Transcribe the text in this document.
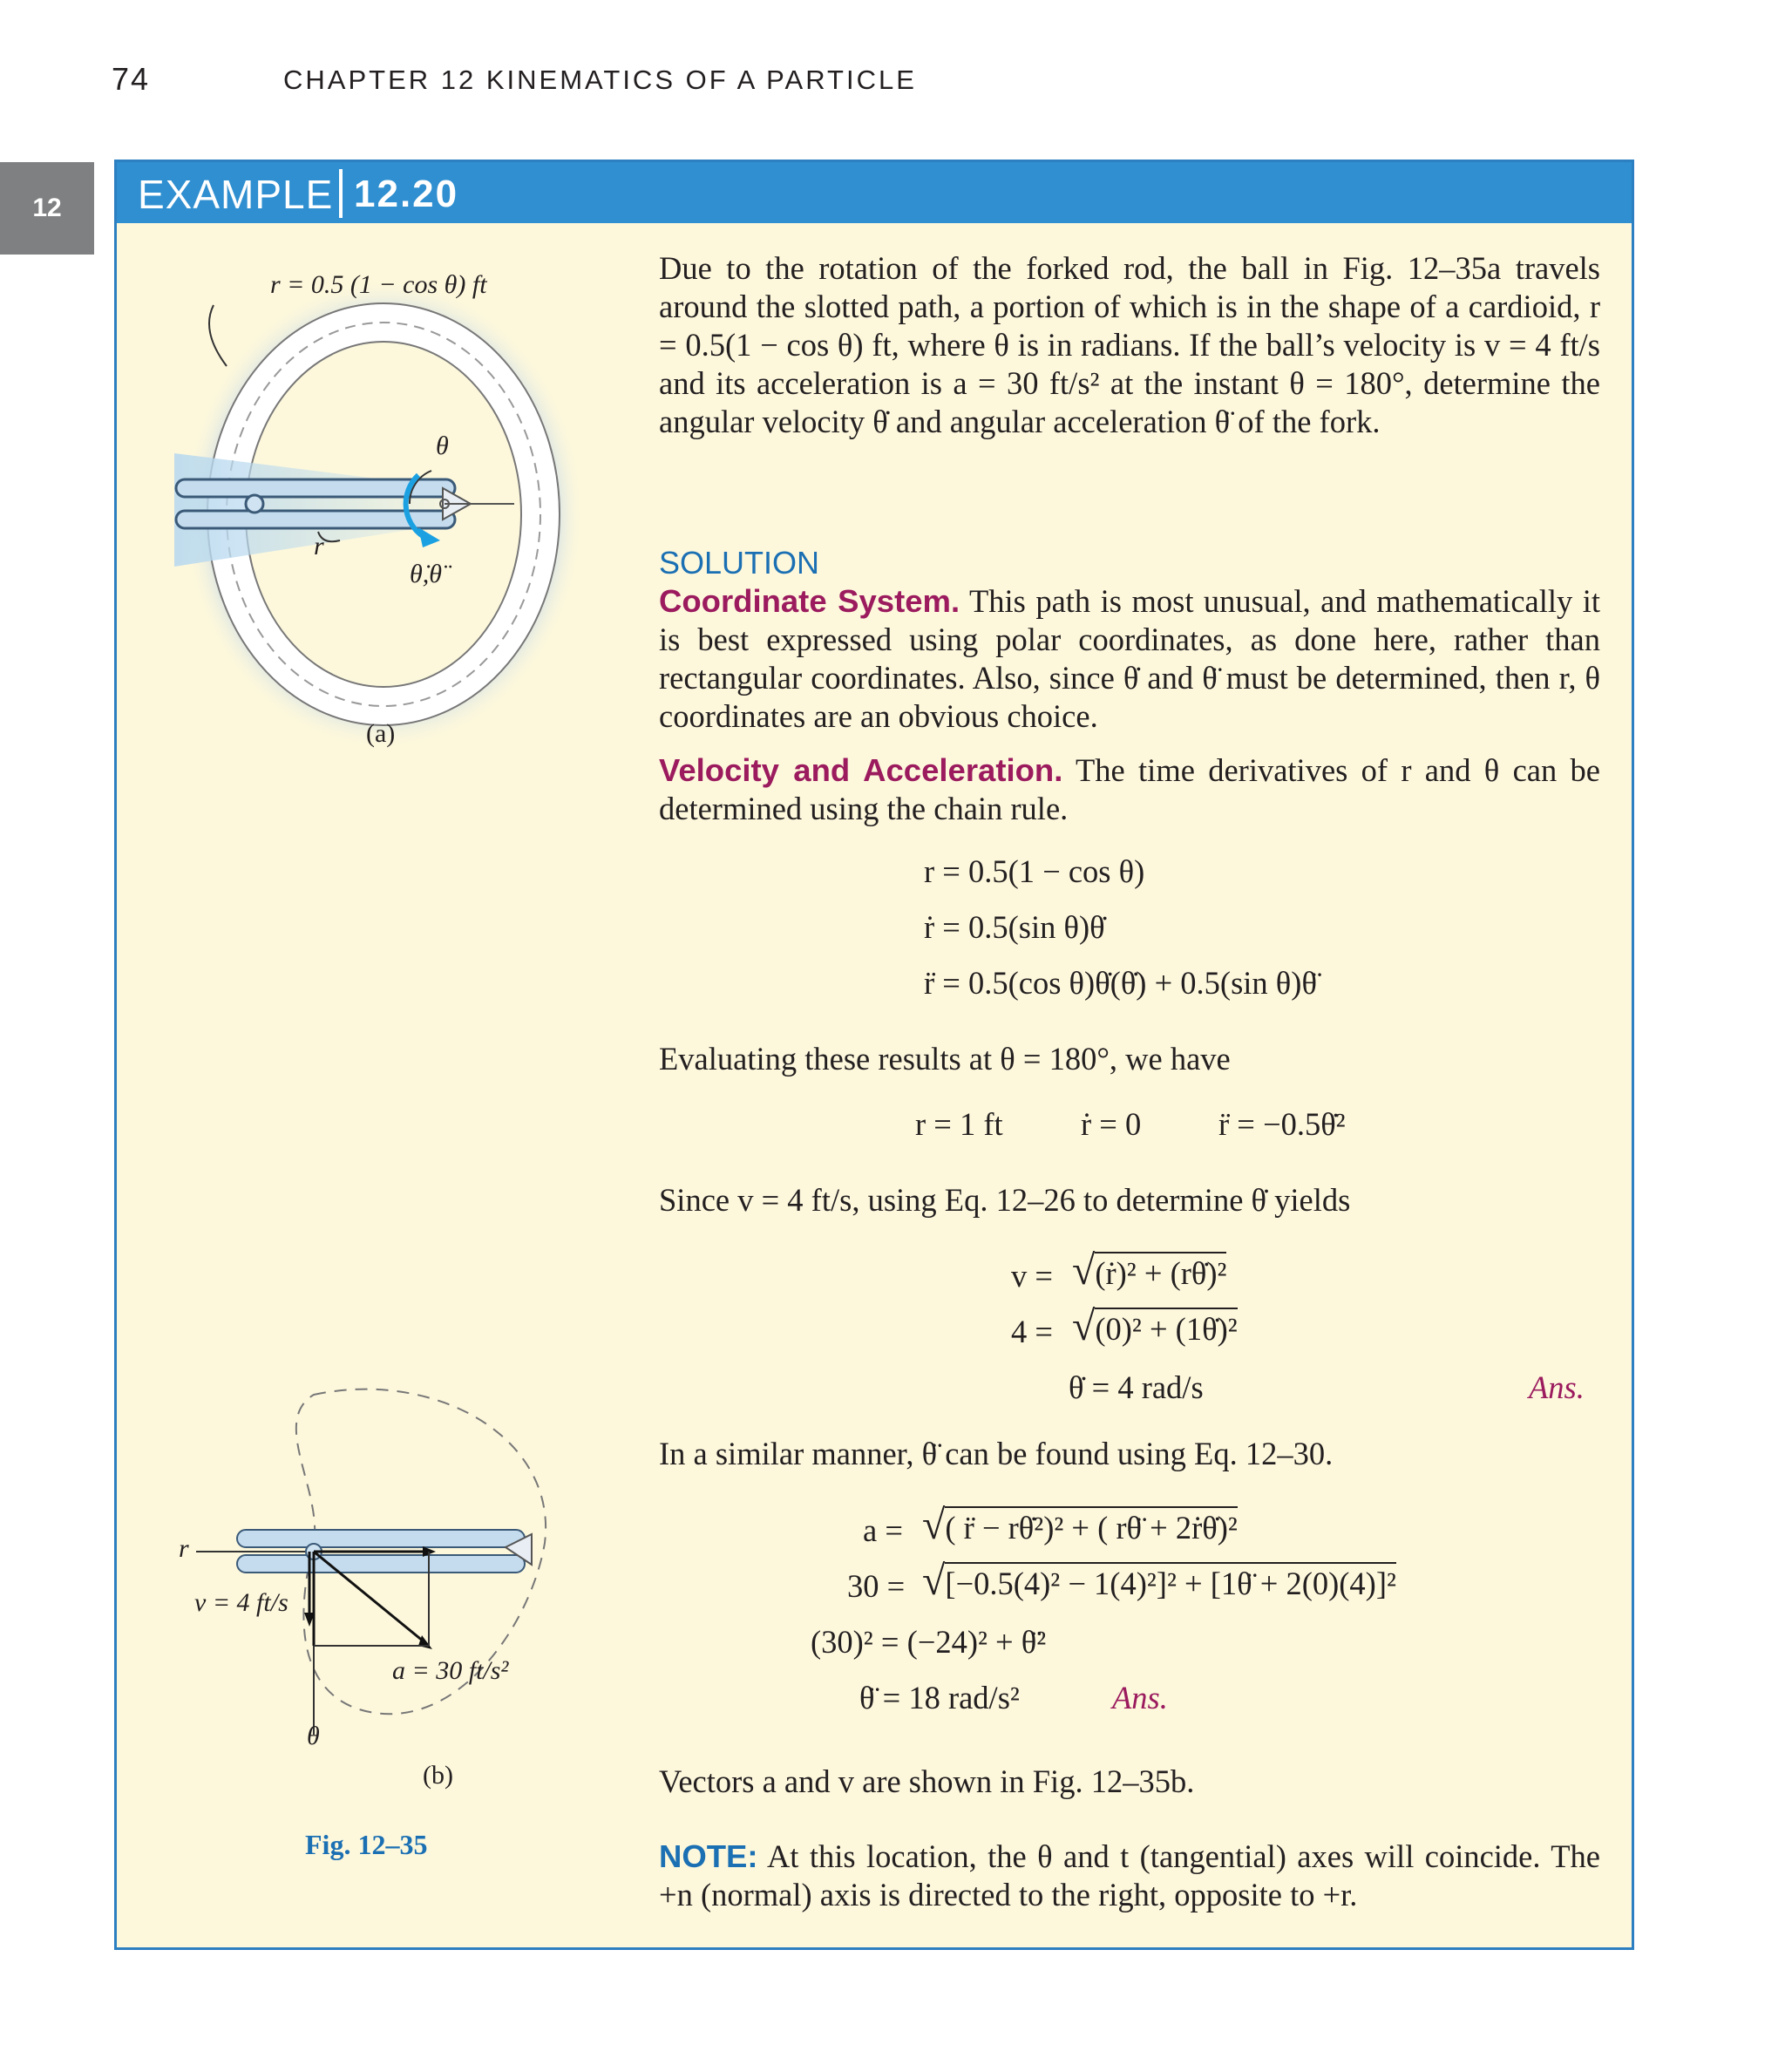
74	CHAPTER 12 KINEMATICS OF A PARTICLE
12	EXAMPLE 12.20
r = 0.5 (1 − cos θ) ft
θ
r
θ̇,θ̈
(a)
r
v = 4 ft/s
a = 30 ft/s²
θ
(b)
Fig. 12–35

Due to the rotation of the forked rod, the ball in Fig. 12–35a travels around the slotted path, a portion of which is in the shape of a cardioid, r = 0.5(1 − cos θ) ft, where θ is in radians. If the ball’s velocity is v = 4 ft/s and its acceleration is a = 30 ft/s² at the instant θ = 180°, determine the angular velocity θ̇ and angular acceleration θ̈ of the fork.

SOLUTION

Coordinate System. This path is most unusual, and mathematically it is best expressed using polar coordinates, as done here, rather than rectangular coordinates. Also, since θ̇ and θ̈ must be determined, then r, θ coordinates are an obvious choice.

Velocity and Acceleration. The time derivatives of r and θ can be determined using the chain rule.

r = 0.5(1 − cos θ)
ṙ = 0.5(sin θ)θ̇
r̈ = 0.5(cos θ)θ̇(θ̇) + 0.5(sin θ)θ̈
Evaluating these results at θ = 180°, we have
r = 1 ft ṙ = 0 r̈ = −0.5θ̇²
Since v = 4 ft/s, using Eq. 12–26 to determine θ̇ yields
v = √(ṙ)² + (rθ̇)²
4 = √(0)² + (1θ̇)²
θ̇ = 4 rad/s	Ans.
In a similar manner, θ̈ can be found using Eq. 12–30.
a = √( r̈ − rθ̇²)² + ( rθ̈ + 2ṙθ̇)²
30 = √[−0.5(4)² − 1(4)²]² + [1θ̈ + 2(0)(4)]²
(30)² = (−24)² + θ̈²
θ̈ = 18 rad/s²	Ans.
Vectors a and v are shown in Fig. 12–35b.

NOTE: At this location, the θ and t (tangential) axes will coincide. The +n (normal) axis is directed to the right, opposite to +r.
